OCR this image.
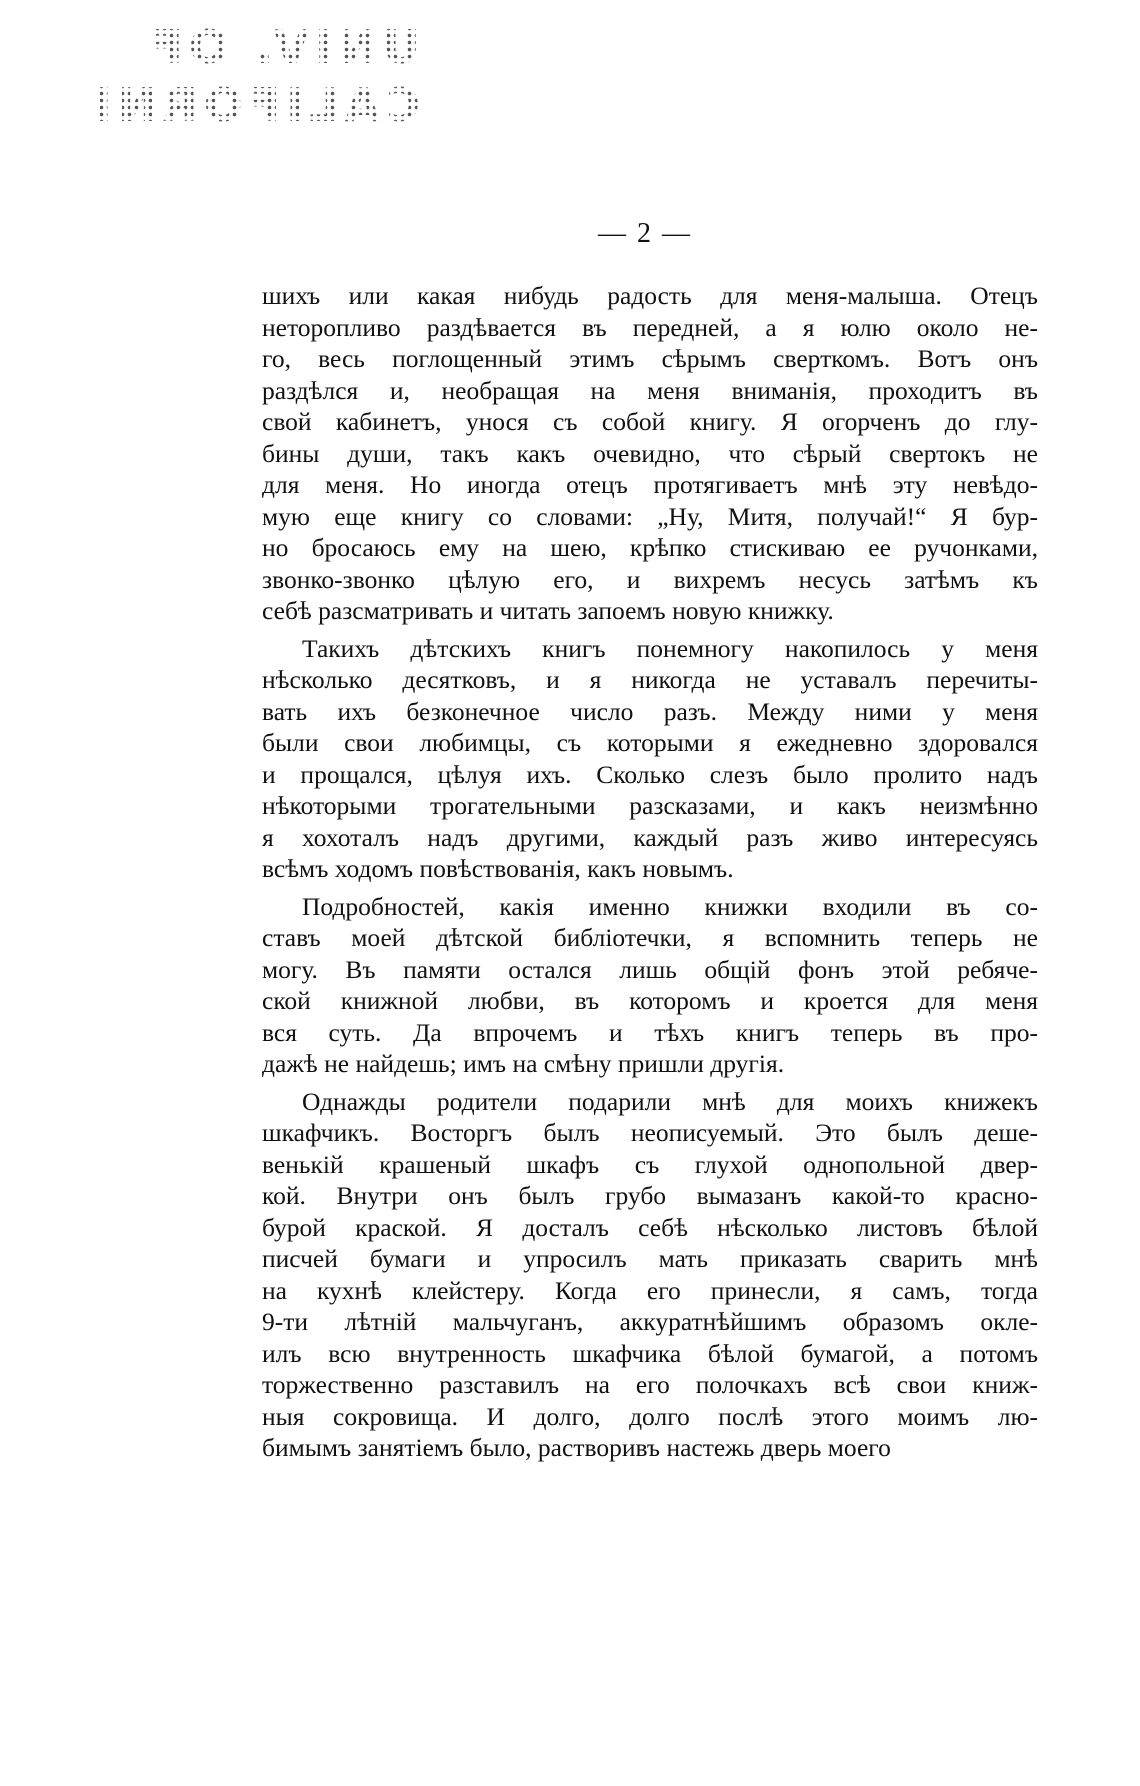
UNIV. OF
CALIFORNIA
— 2 —
шихъ или какая нибудь радость для меня-малыша. Отецъ
неторопливо раздѣвается въ передней, а я юлю около не-
го, весь поглощенный этимъ сѣрымъ сверткомъ. Вотъ онъ
раздѣлся и, необращая на меня вниманія, проходитъ въ
свой кабинетъ, унося съ собой книгу. Я огорченъ до глу-
бины души, такъ какъ очевидно, что сѣрый свертокъ не
для меня. Но иногда отецъ протягиваетъ мнѣ эту невѣдо-
мую еще книгу со словами: „Ну, Митя, получай!“ Я бур-
но бросаюсь ему на шею, крѣпко стискиваю ее ручонками,
звонко-звонко цѣлую его, и вихремъ несусь затѣмъ къ
себѣ разсматривать и читать запоемъ новую книжку.
Такихъ дѣтскихъ книгъ понемногу накопилось у меня
нѣсколько десятковъ, и я никогда не уставалъ перечиты-
вать ихъ безконечное число разъ. Между ними у меня
были свои любимцы, съ которыми я ежедневно здоровался
и прощался, цѣлуя ихъ. Сколько слезъ было пролито надъ
нѣкоторыми трогательными разсказами, и какъ неизмѣнно
я хохоталъ надъ другими, каждый разъ живо интересуясь
всѣмъ ходомъ повѣствованія, какъ новымъ.
Подробностей, какія именно книжки входили въ со-
ставъ моей дѣтской библіотечки, я вспомнить теперь не
могу. Въ памяти остался лишь общій фонъ этой ребяче-
ской книжной любви, въ которомъ и кроется для меня
вся суть. Да впрочемъ и тѣхъ книгъ теперь въ про-
дажѣ не найдешь; имъ на смѣну пришли другія.
Однажды родители подарили мнѣ для моихъ книжекъ
шкафчикъ. Восторгъ былъ неописуемый. Это былъ деше-
венькій крашеный шкафъ съ глухой однопольной двер-
кой. Внутри онъ былъ грубо вымазанъ какой-то красно-
бурой краской. Я досталъ себѣ нѣсколько листовъ бѣлой
писчей бумаги и упросилъ мать приказать сварить мнѣ
на кухнѣ клейстеру. Когда его принесли, я самъ, тогда
9-ти лѣтній мальчуганъ, аккуратнѣйшимъ образомъ окле-
илъ всю внутренность шкафчика бѣлой бумагой, а потомъ
торжественно разставилъ на его полочкахъ всѣ свои книж-
ныя сокровища. И долго, долго послѣ этого моимъ лю-
бимымъ занятіемъ было, растворивъ настежь дверь моего
